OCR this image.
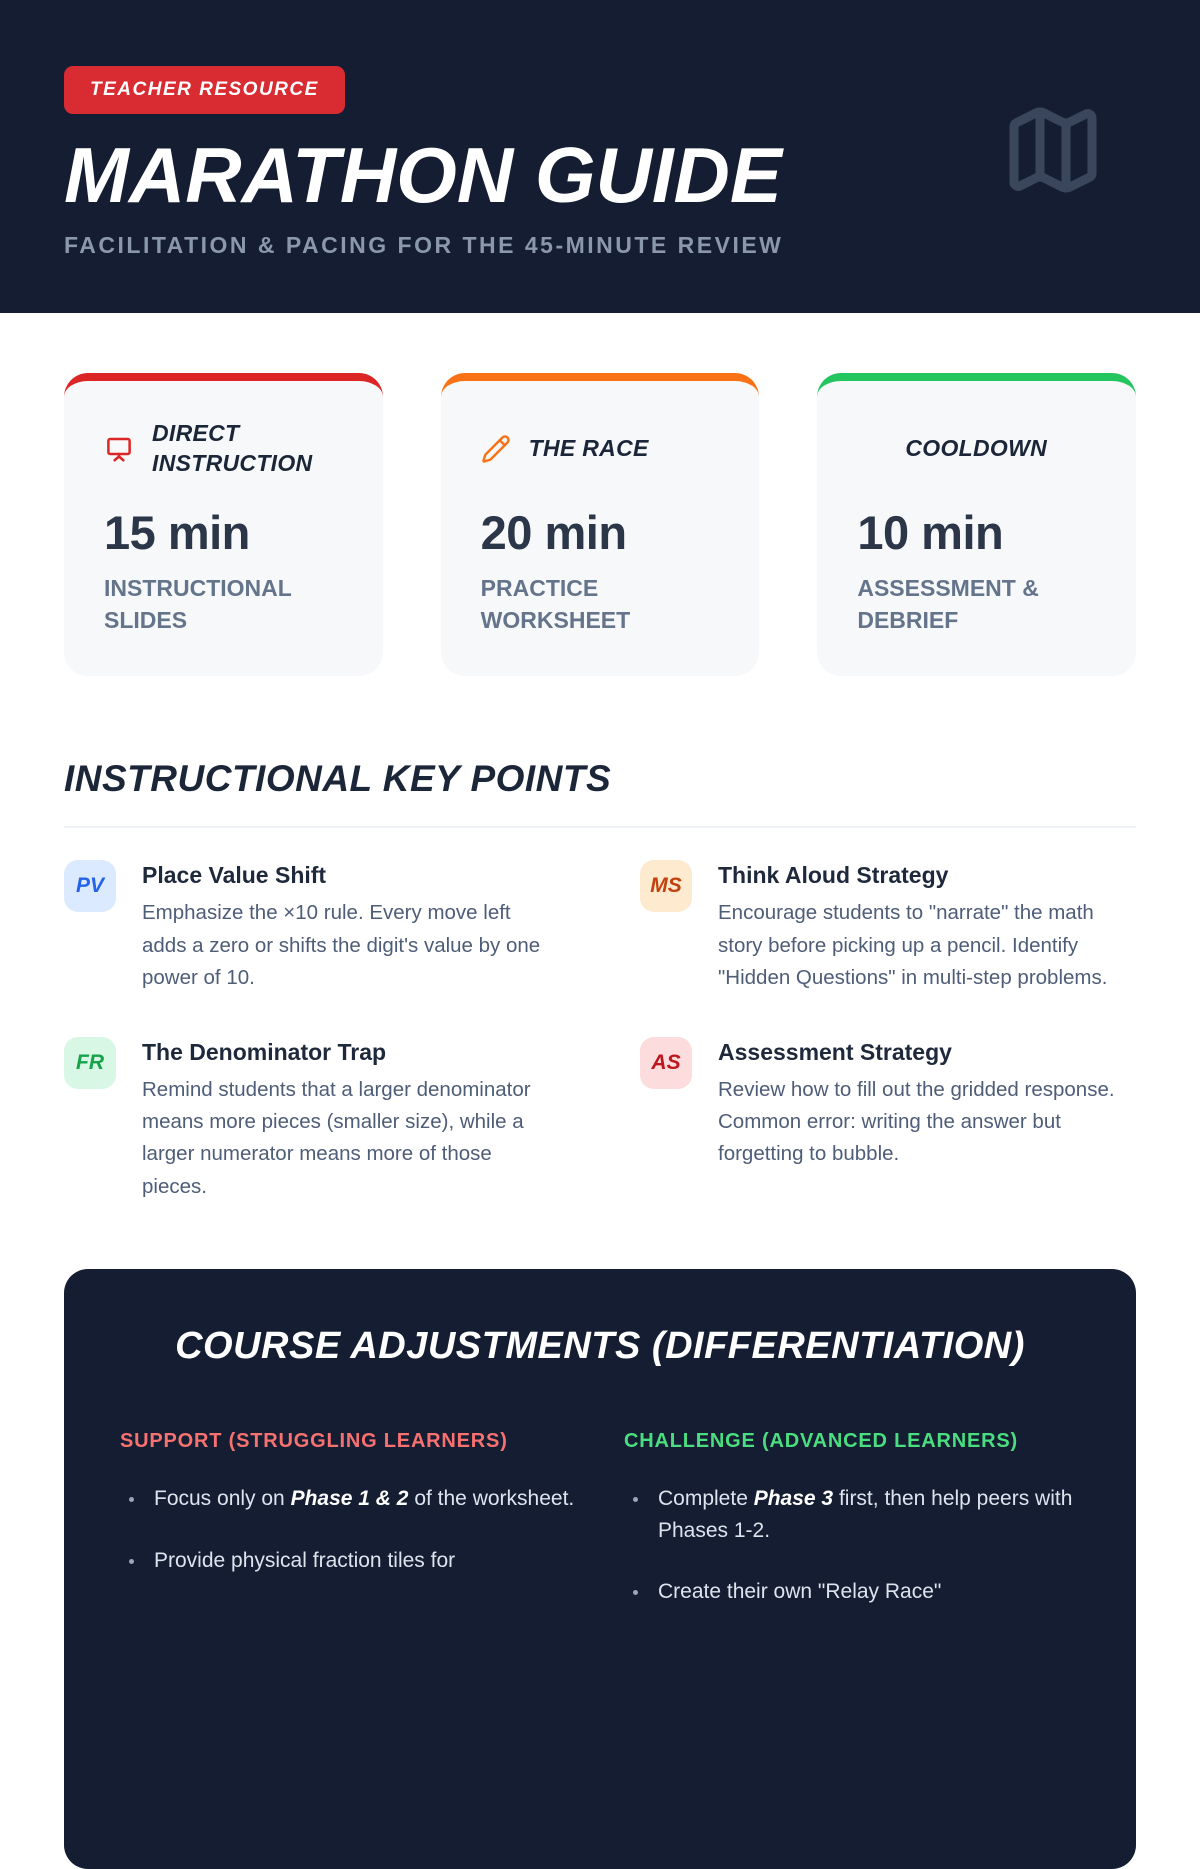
TEACHER RESOURCE
MARATHON GUIDE
FACILITATION & PACING FOR THE 45-MINUTE REVIEW
DIRECT INSTRUCTION
15 min
INSTRUCTIONAL SLIDES
THE RACE
20 min
PRACTICE WORKSHEET
COOLDOWN
10 min
ASSESSMENT & DEBRIEF
INSTRUCTIONAL KEY POINTS
PV	Place Value Shift
Emphasize the ×10 rule. Every move left adds a zero or shifts the digit's value by one power of 10.
MS	Think Aloud Strategy
Encourage students to "narrate" the math story before picking up a pencil. Identify "Hidden Questions" in multi-step problems.
FR	The Denominator Trap
Remind students that a larger denominator means more pieces (smaller size), while a larger numerator means more of those pieces.
AS	Assessment Strategy
Review how to fill out the gridded response. Common error: writing the answer but forgetting to bubble.
COURSE ADJUSTMENTS (DIFFERENTIATION)
SUPPORT (STRUGGLING LEARNERS)
• Focus only on Phase 1 & 2 of the worksheet.
• Provide physical fraction tiles for
CHALLENGE (ADVANCED LEARNERS)
• Complete Phase 3 first, then help peers with Phases 1-2.
• Create their own "Relay Race"
